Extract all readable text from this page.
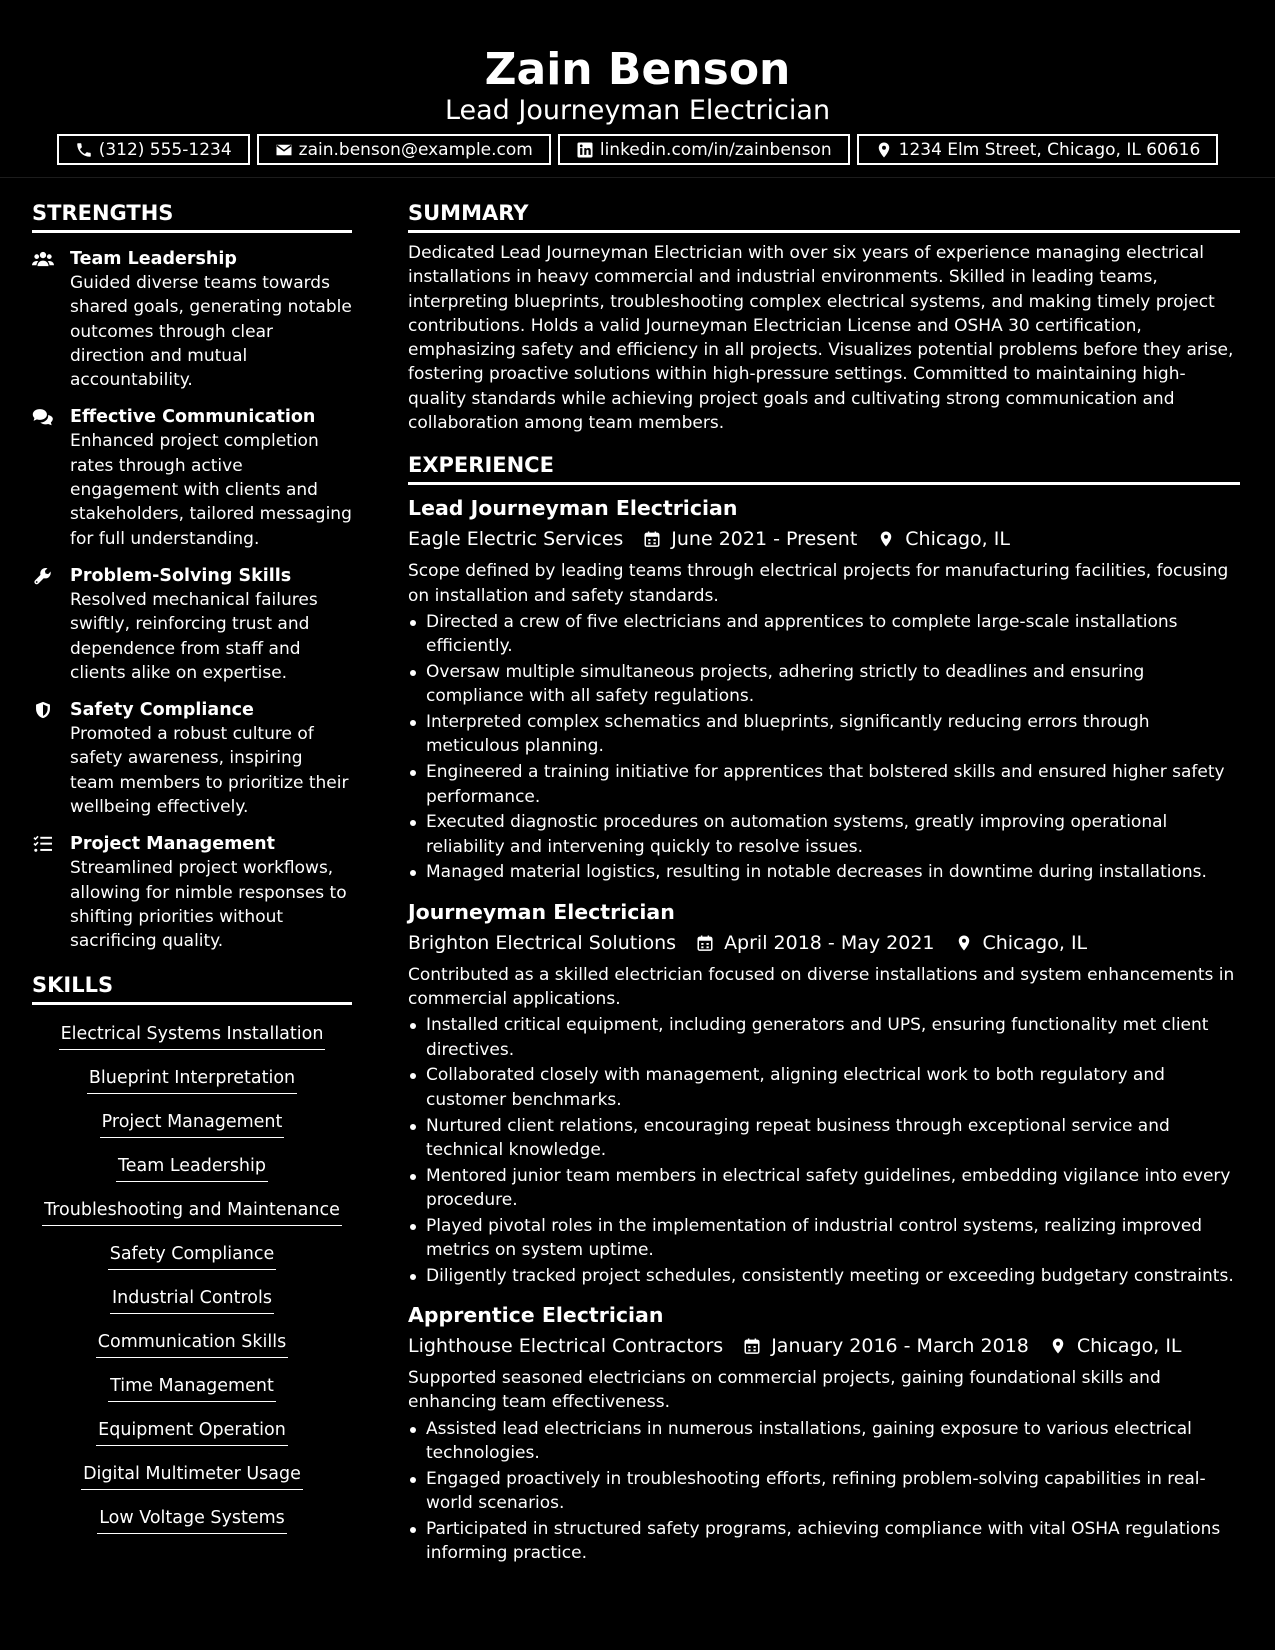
Zain Benson
Lead Journeyman Electrician
(312) 555-1234	zain.benson@example.com	linkedin.com/in/zainbenson	1234 Elm Street, Chicago, IL 60616
STRENGTHS
Team Leadership
Guided diverse teams towards shared goals, generating notable outcomes through clear direction and mutual accountability.
Effective Communication
Enhanced project completion rates through active engagement with clients and stakeholders, tailored messaging for full understanding.
Problem-Solving Skills
Resolved mechanical failures swiftly, reinforcing trust and dependence from staff and clients alike on expertise.
Safety Compliance
Promoted a robust culture of safety awareness, inspiring team members to prioritize their wellbeing effectively.
Project Management
Streamlined project workflows, allowing for nimble responses to shifting priorities without sacrificing quality.
SKILLS
Electrical Systems Installation
Blueprint Interpretation
Project Management
Team Leadership
Troubleshooting and Maintenance
Safety Compliance
Industrial Controls
Communication Skills
Time Management
Equipment Operation
Digital Multimeter Usage
Low Voltage Systems
SUMMARY
Dedicated Lead Journeyman Electrician with over six years of experience managing electrical installations in heavy commercial and industrial environments. Skilled in leading teams, interpreting blueprints, troubleshooting complex electrical systems, and making timely project contributions. Holds a valid Journeyman Electrician License and OSHA 30 certification, emphasizing safety and efficiency in all projects. Visualizes potential problems before they arise, fostering proactive solutions within high-pressure settings. Committed to maintaining high-quality standards while achieving project goals and cultivating strong communication and collaboration among team members.
EXPERIENCE
Lead Journeyman Electrician
Eagle Electric Services	June 2021 - Present	Chicago, IL
Scope defined by leading teams through electrical projects for manufacturing facilities, focusing on installation and safety standards.
Directed a crew of five electricians and apprentices to complete large-scale installations efficiently.
Oversaw multiple simultaneous projects, adhering strictly to deadlines and ensuring compliance with all safety regulations.
Interpreted complex schematics and blueprints, significantly reducing errors through meticulous planning.
Engineered a training initiative for apprentices that bolstered skills and ensured higher safety performance.
Executed diagnostic procedures on automation systems, greatly improving operational reliability and intervening quickly to resolve issues.
Managed material logistics, resulting in notable decreases in downtime during installations.
Journeyman Electrician
Brighton Electrical Solutions	April 2018 - May 2021	Chicago, IL
Contributed as a skilled electrician focused on diverse installations and system enhancements in commercial applications.
Installed critical equipment, including generators and UPS, ensuring functionality met client directives.
Collaborated closely with management, aligning electrical work to both regulatory and customer benchmarks.
Nurtured client relations, encouraging repeat business through exceptional service and technical knowledge.
Mentored junior team members in electrical safety guidelines, embedding vigilance into every procedure.
Played pivotal roles in the implementation of industrial control systems, realizing improved metrics on system uptime.
Diligently tracked project schedules, consistently meeting or exceeding budgetary constraints.
Apprentice Electrician
Lighthouse Electrical Contractors	January 2016 - March 2018	Chicago, IL
Supported seasoned electricians on commercial projects, gaining foundational skills and enhancing team effectiveness.
Assisted lead electricians in numerous installations, gaining exposure to various electrical technologies.
Engaged proactively in troubleshooting efforts, refining problem-solving capabilities in real-world scenarios.
Participated in structured safety programs, achieving compliance with vital OSHA regulations informing practice.
